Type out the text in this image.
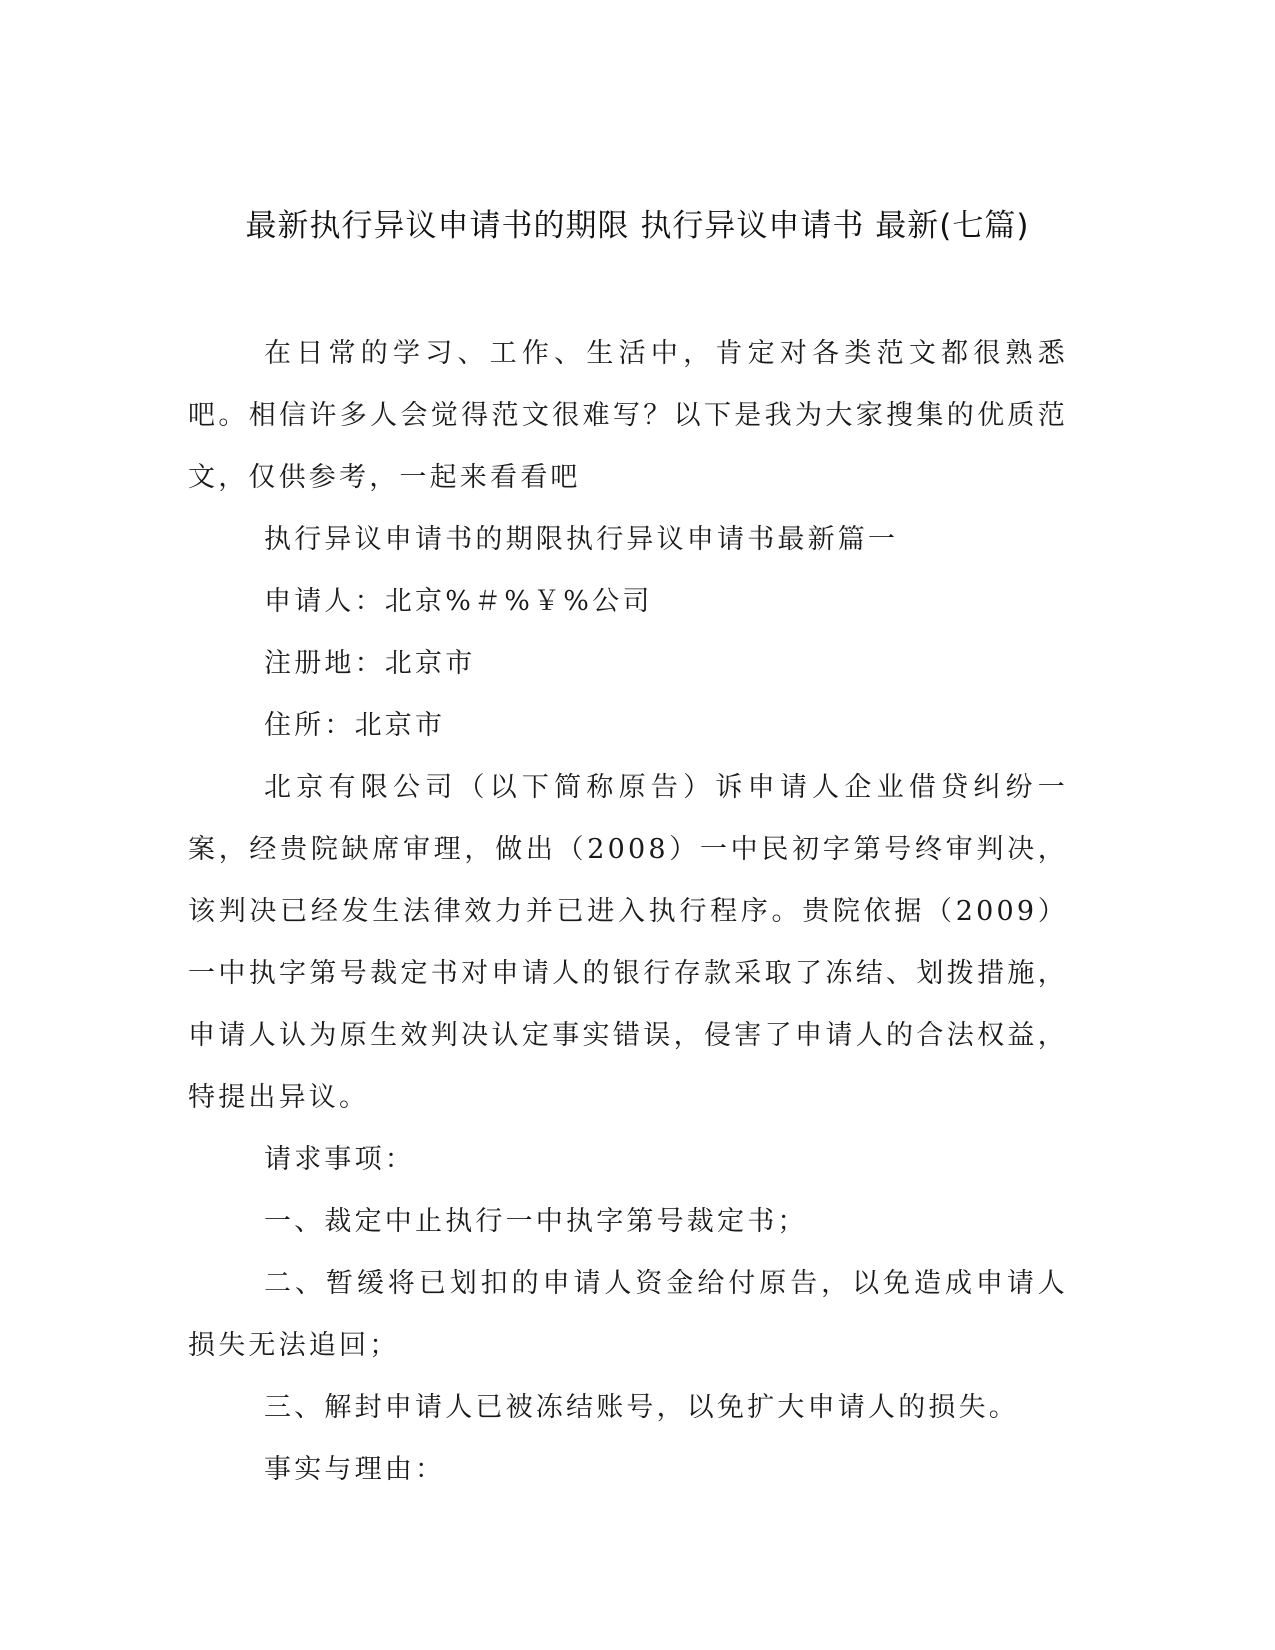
最新执行异议申请书的期限 执行异议申请书 最新(七篇)

在日常的学习、工作、生活中，肯定对各类范文都很熟悉吧。相信许多人会觉得范文很难写？以下是我为大家搜集的优质范文，仅供参考，一起来看看吧

执行异议申请书的期限执行异议申请书最新篇一

申请人：北京%＃%￥%公司

注册地：北京市

住所：北京市

北京有限公司（以下简称原告）诉申请人企业借贷纠纷一案，经贵院缺席审理，做出（2008）一中民初字第号终审判决，该判决已经发生法律效力并已进入执行程序。贵院依据（2009）一中执字第号裁定书对申请人的银行存款采取了冻结、划拨措施，申请人认为原生效判决认定事实错误，侵害了申请人的合法权益，特提出异议。

请求事项：

一、裁定中止执行一中执字第号裁定书；

二、暂缓将已划扣的申请人资金给付原告，以免造成申请人损失无法追回；

三、解封申请人已被冻结账号，以免扩大申请人的损失。

事实与理由：
